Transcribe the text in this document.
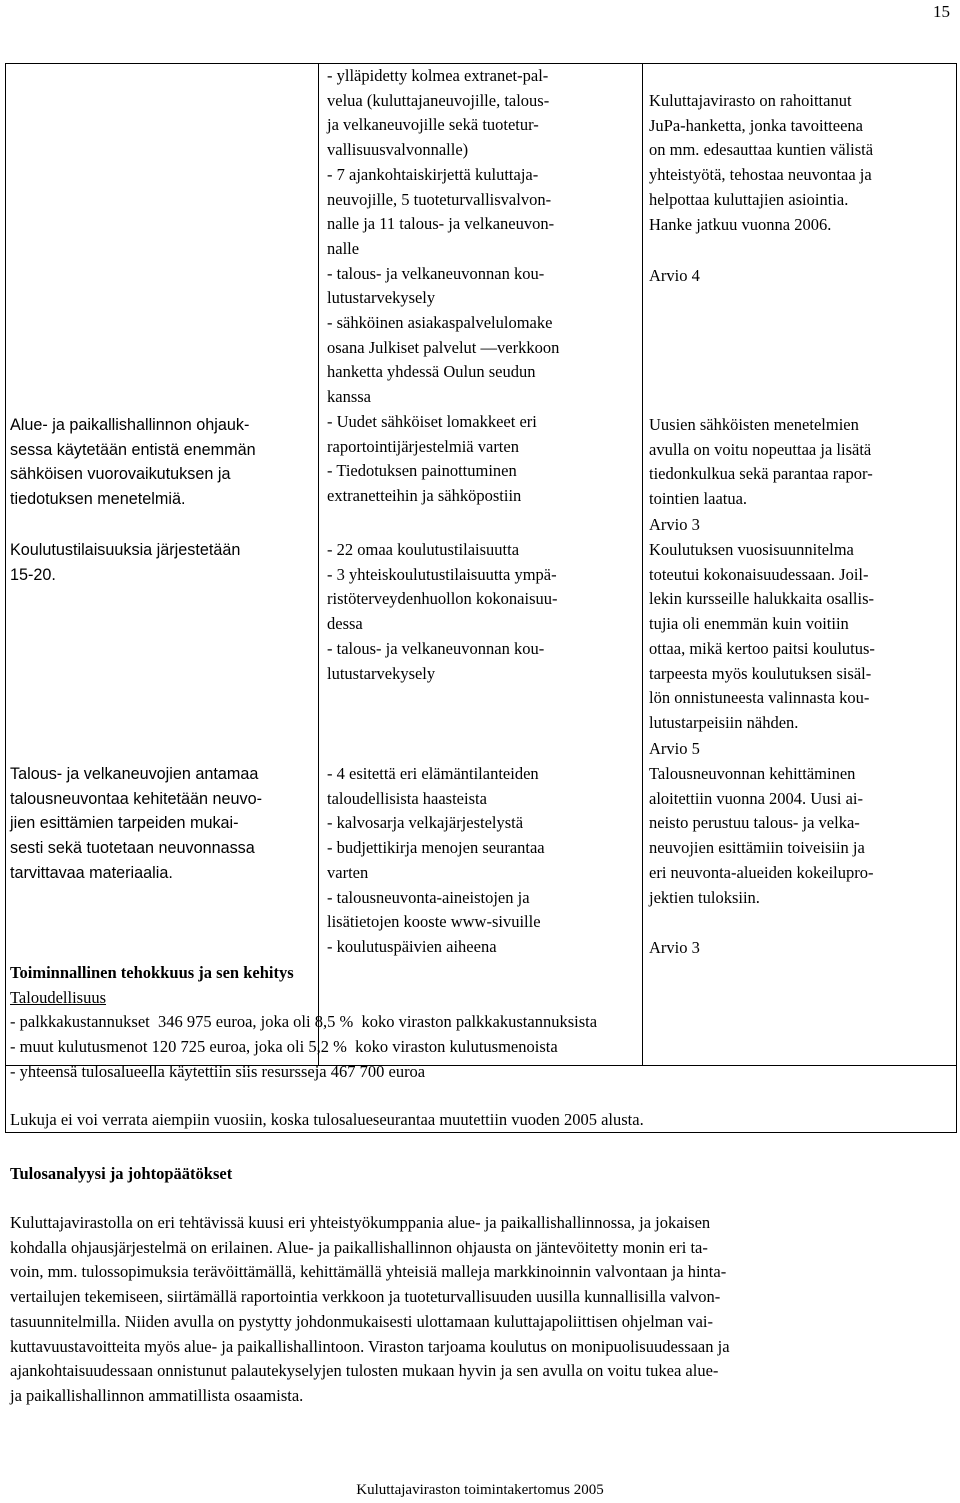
15
Alue- ja paikallishallinnon ohjauk-
sessa käytetään entistä enemmän
sähköisen vuorovaikutuksen ja
tiedotuksen menetelmiä.
Koulutustilaisuuksia järjestetään
15-20.
Talous- ja velkaneuvojien antamaa
talousneuvontaa kehitetään neuvo-
jien esittämien tarpeiden mukai-
sesti sekä tuotetaan neuvonnassa
tarvittavaa materiaalia.
- ylläpidetty kolmea extranet-pal-
velua (kuluttajaneuvojille, talous-
ja velkaneuvojille sekä tuotetur-
vallisuusvalvonnalle)
- 7 ajankohtaiskirjettä kuluttaja-
neuvojille, 5 tuoteturvallisvalvon-
nalle ja 11 talous- ja velkaneuvon-
nalle
- talous- ja velkaneuvonnan kou-
lutustarvekysely
- sähköinen asiakaspalvelulomake
osana Julkiset palvelut —verkkoon
hanketta yhdessä Oulun seudun
kanssa
- Uudet sähköiset lomakkeet eri
raportointijärjestelmiä varten
- Tiedotuksen painottuminen
extranetteihin ja sähköpostiin
- 22 omaa koulutustilaisuutta
- 3 yhteiskoulutustilaisuutta ympä-
ristöterveydenhuollon kokonaisuu-
dessa
- talous- ja velkaneuvonnan kou-
lutustarvekysely
- 4 esitettä eri elämäntilanteiden
taloudellisista haasteista
- kalvosarja velkajärjestelystä
- budjettikirja menojen seurantaa
varten
- talousneuvonta-aineistojen ja
lisätietojen kooste www-sivuille
- koulutuspäivien aiheena
Kuluttajavirasto on rahoittanut
JuPa-hanketta, jonka tavoitteena
on mm. edesauttaa kuntien välistä
yhteistyötä, tehostaa neuvontaa ja
helpottaa kuluttajien asiointia.
Hanke jatkuu vuonna 2006.
Arvio 4
Uusien sähköisten menetelmien
avulla on voitu nopeuttaa ja lisätä
tiedonkulkua sekä parantaa rapor-
tointien laatua.
Arvio 3
Koulutuksen vuosisuunnitelma
toteutui kokonaisuudessaan. Joil-
lekin kursseille halukkaita osallis-
tujia oli enemmän kuin voitiin
ottaa, mikä kertoo paitsi koulutus-
tarpeesta myös koulutuksen sisäl-
lön onnistuneesta valinnasta kou-
lutustarpeisiin nähden.
Arvio 5
Talousneuvonnan kehittäminen
aloitettiin vuonna 2004. Uusi ai-
neisto perustuu talous- ja velka-
neuvojien esittämiin toiveisiin ja
eri neuvonta-alueiden kokeilupro-
jektien tuloksiin.
Arvio 3
Toiminnallinen tehokkuus ja sen kehitys
Taloudellisuus
- palkkakustannukset  346 975 euroa, joka oli 8,5 %  koko viraston palkkakustannuksista
- muut kulutusmenot 120 725 euroa, joka oli 5,2 %  koko viraston kulutusmenoista
- yhteensä tulosalueella käytettiin siis resursseja 467 700 euroa
Lukuja ei voi verrata aiempiin vuosiin, koska tulosalueseurantaa muutettiin vuoden 2005 alusta.
Tulosanalyysi ja johtopäätökset
Kuluttajavirastolla on eri tehtävissä kuusi eri yhteistyökumppania alue- ja paikallishallinnossa, ja jokaisen
kohdalla ohjausjärjestelmä on erilainen. Alue- ja paikallishallinnon ohjausta on jäntevöitetty monin eri ta-
voin, mm. tulossopimuksia terävöittämällä, kehittämällä yhteisiä malleja markkinoinnin valvontaan ja hinta-
vertailujen tekemiseen, siirtämällä raportointia verkkoon ja tuoteturvallisuuden uusilla kunnallisilla valvon-
tasuunnitelmilla. Niiden avulla on pystytty johdonmukaisesti ulottamaan kuluttajapoliittisen ohjelman vai-
kuttavuustavoitteita myös alue- ja paikallishallintoon. Viraston tarjoama koulutus on monipuolisuudessaan ja
ajankohtaisuudessaan onnistunut palautekyselyjen tulosten mukaan hyvin ja sen avulla on voitu tukea alue-
ja paikallishallinnon ammatillista osaamista.
Kuluttajaviraston toimintakertomus 2005
